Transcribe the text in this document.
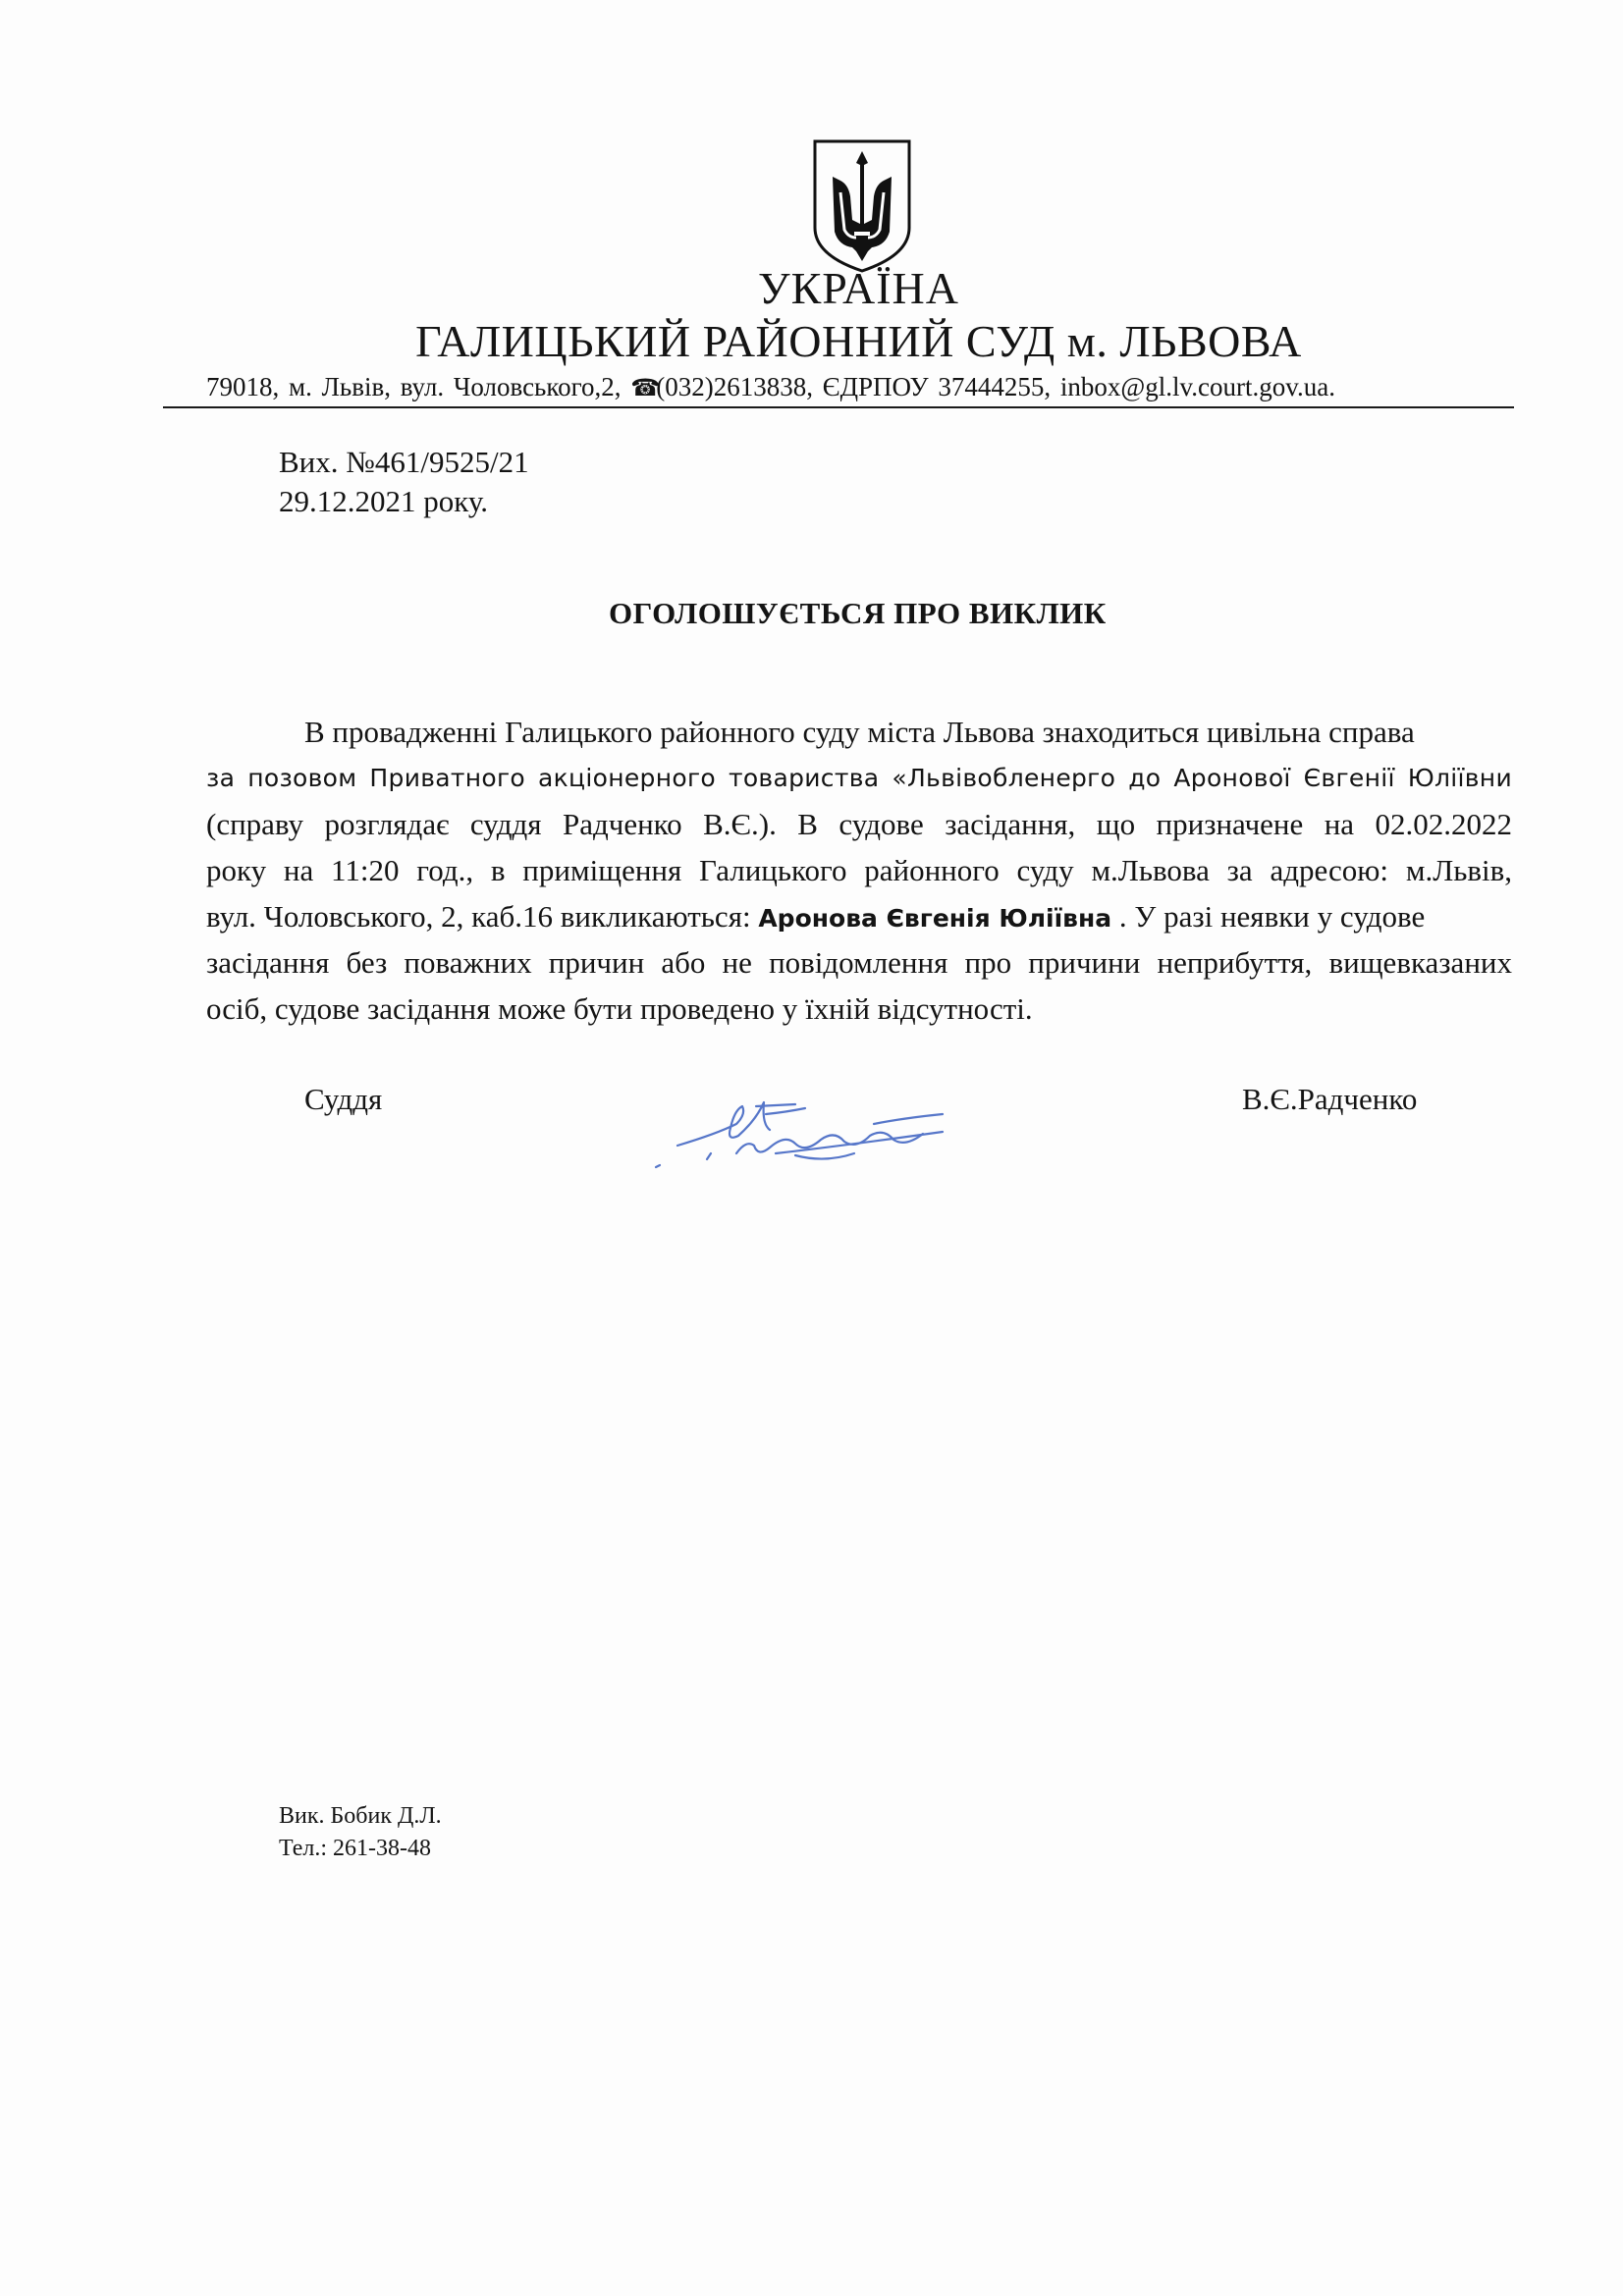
УКРАЇНА
ГАЛИЦЬКИЙ РАЙОННИЙ СУД м. ЛЬВОВА
79018, м. Львів, вул. Чоловського,2, ☎(032)2613838, ЄДРПОУ 37444255, inbox@gl.lv.court.gov.ua.
Вих. №461/9525/21
29.12.2021 року.
ОГОЛОШУЄТЬСЯ ПРО ВИКЛИК
В провадженні Галицького районного суду міста Львова знаходиться цивільна справа
за позовом Приватного акціонерного товариства «Львівобленерго до Аронової Євгенії Юліївни
(справу розглядає суддя Радченко В.Є.). В судове засідання, що призначене на 02.02.2022
року на 11:20 год., в приміщення Галицького районного суду м.Львова за адресою: м.Львів,
вул. Чоловського, 2, каб.16 викликаються: Аронова Євгенія Юліївна . У разі неявки у судове
засідання без поважних причин або не повідомлення про причини неприбуття, вищевказаних
осіб, судове засідання може бути проведено у їхній відсутності.
Суддя	В.Є.Радченко
Вик. Бобик Д.Л.
Тел.: 261-38-48
